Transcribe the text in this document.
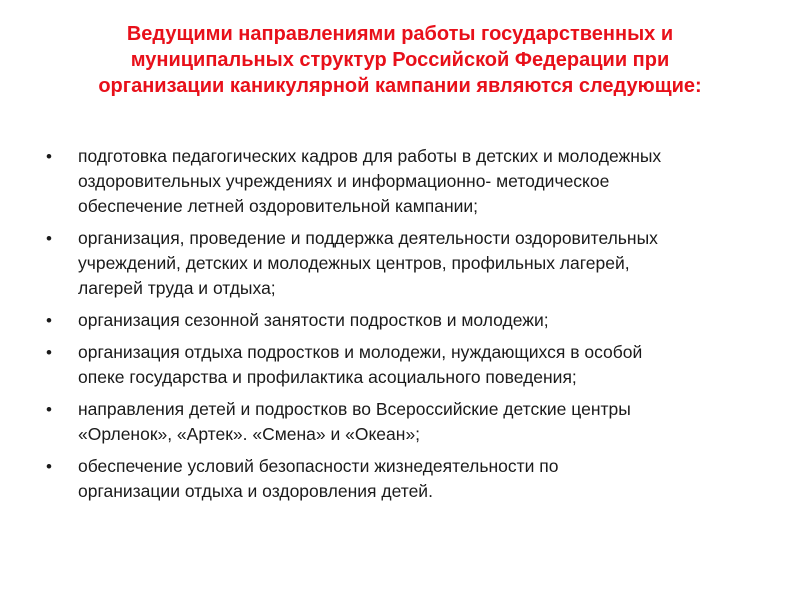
Ведущими направлениями работы государственных и
муниципальных структур Российской Федерации при
организации каникулярной кампании являются следующие:
• подготовка педагогических кадров для работы в детских и молодежных
оздоровительных учреждениях и информационно- методическое
обеспечение летней оздоровительной кампании;

• организация, проведение и поддержка деятельности оздоровительных
учреждений, детских и молодежных центров, профильных лагерей,
лагерей труда и отдыха;

• организация сезонной занятости подростков и молодежи;

• организация отдыха подростков и молодежи, нуждающихся в особой
опеке государства и профилактика асоциального поведения;

• направления детей и подростков во Всероссийские детские центры
«Орленок», «Артек». «Смена» и «Океан»;

• обеспечение условий безопасности жизнедеятельности по
организации отдыха и оздоровления детей.
